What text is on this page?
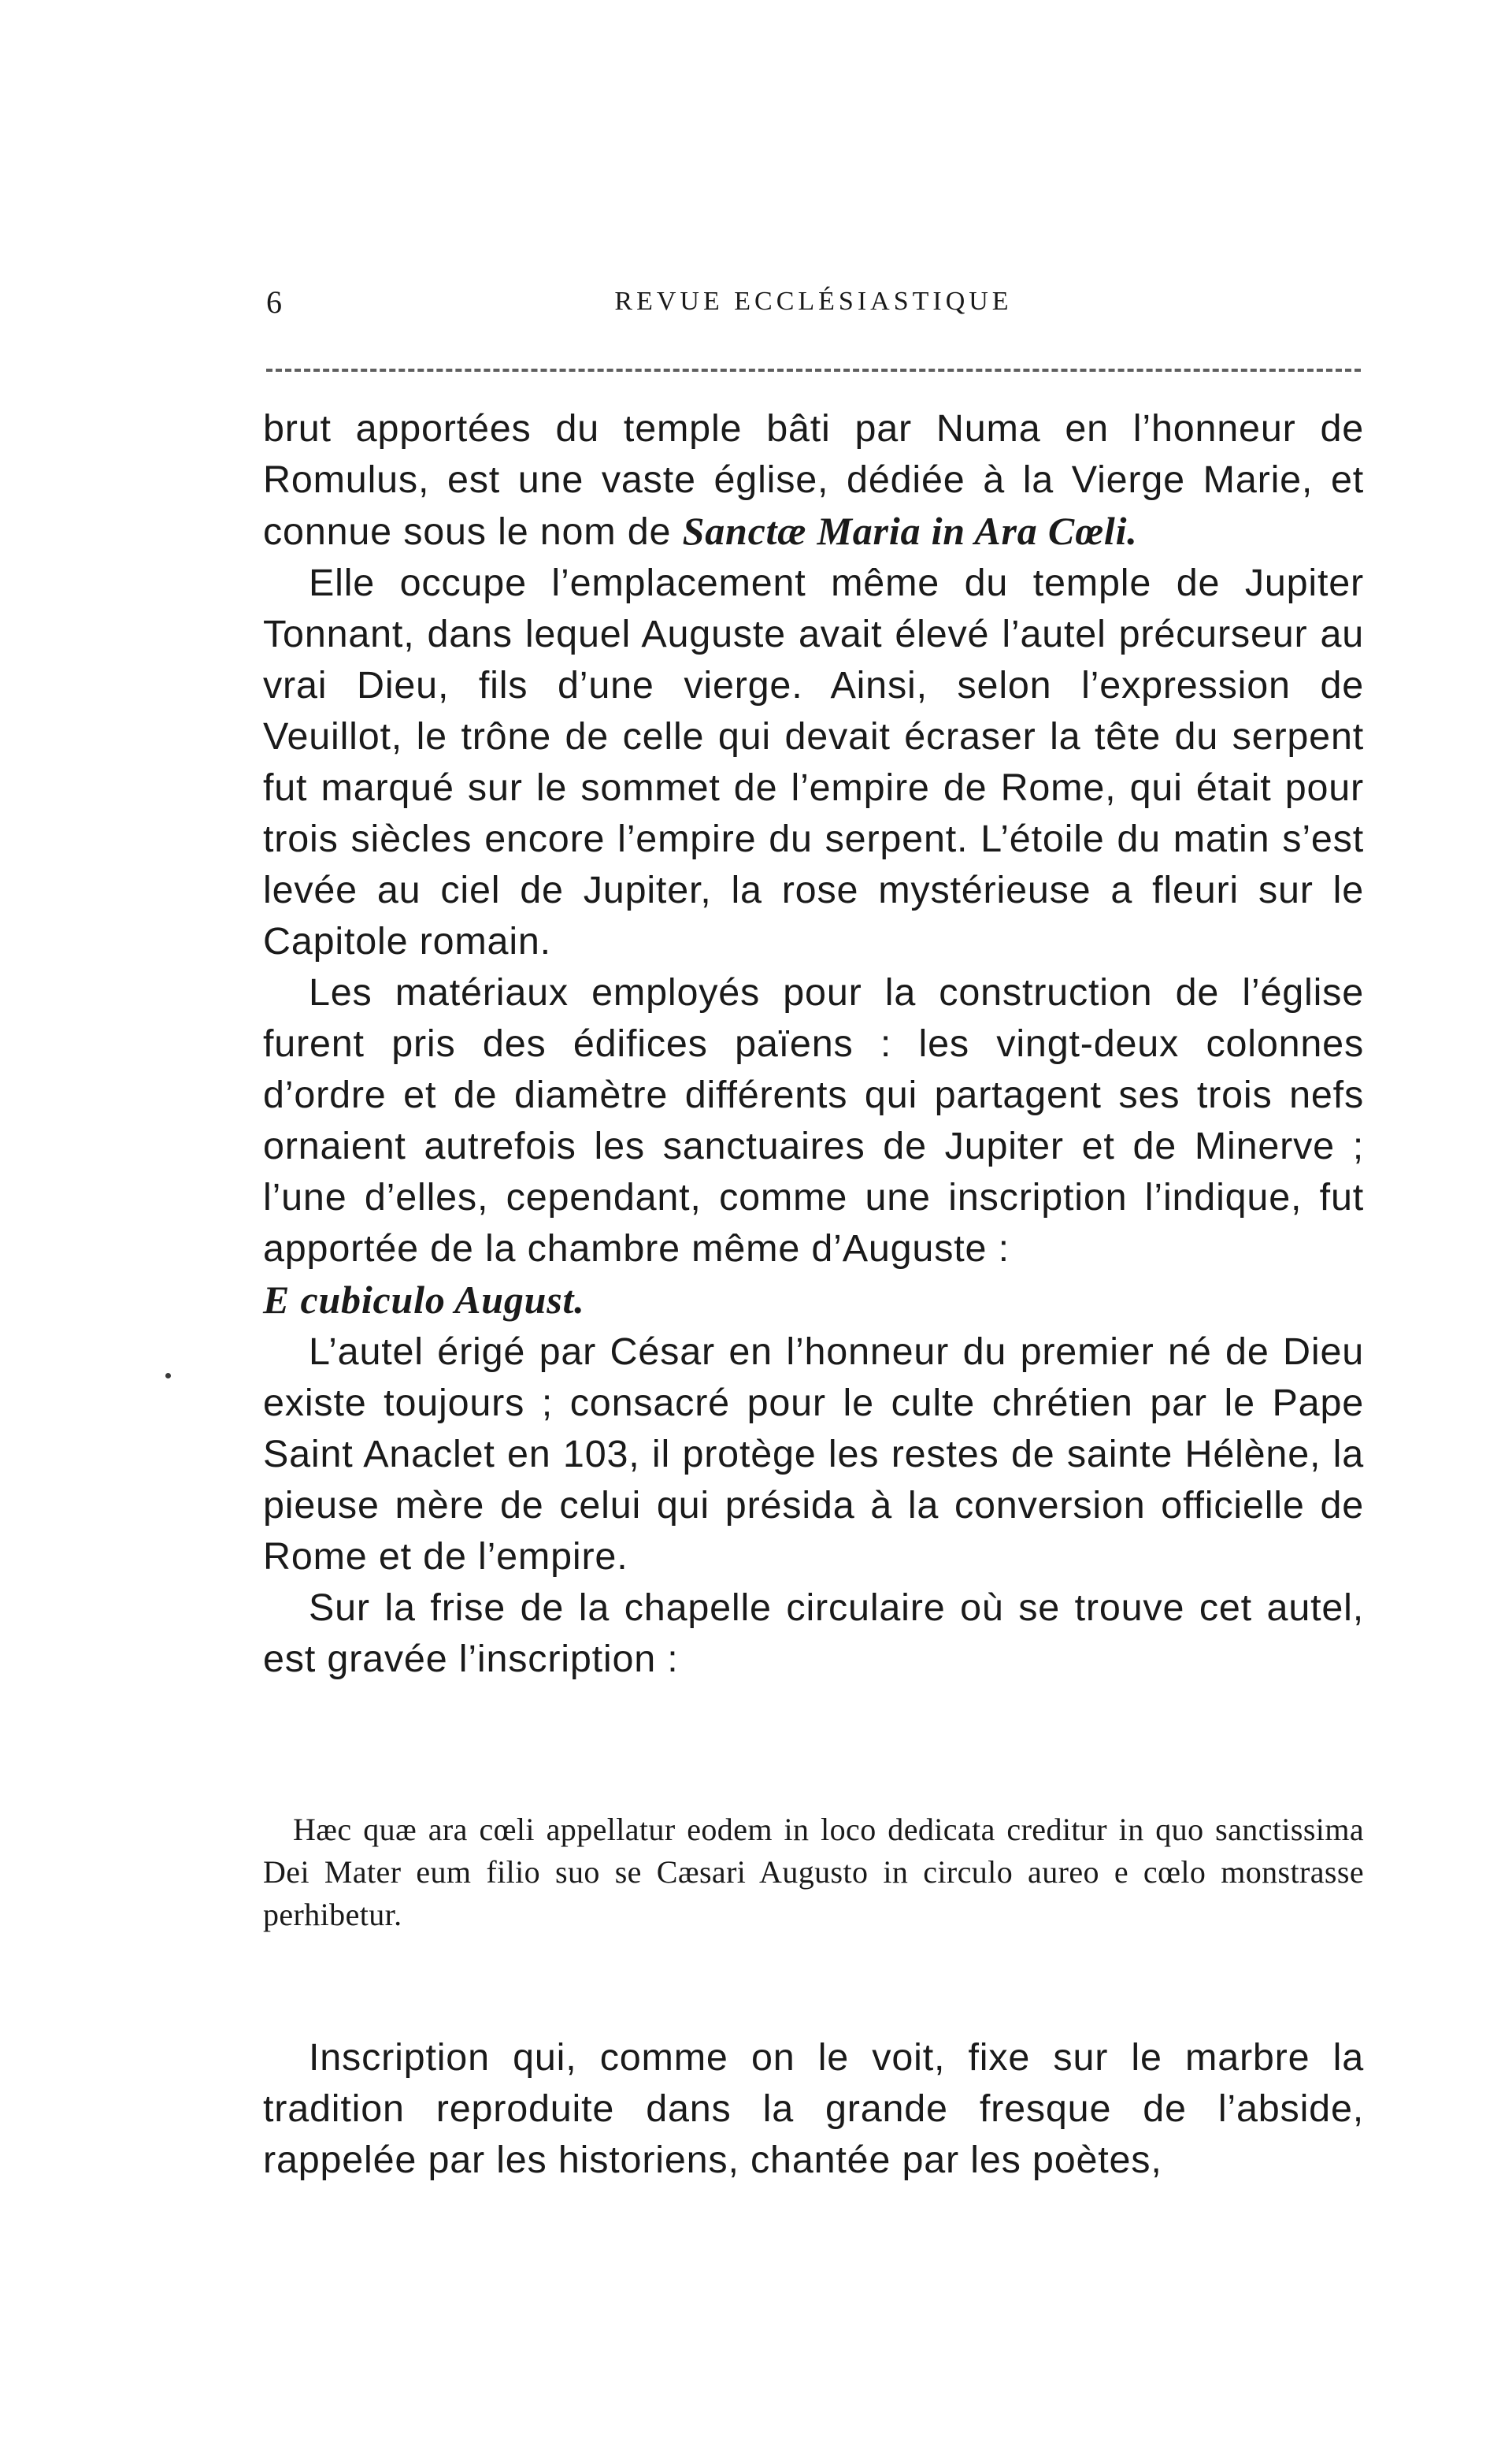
6	REVUE ECCLÉSIASTIQUE

brut apportées du temple bâti par Numa en l’honneur de Romulus, est une vaste église, dédiée à la Vierge Marie, et connue sous le nom de Sanctæ Maria in Ara Cœli.

Elle occupe l’emplacement même du temple de Jupiter Tonnant, dans lequel Auguste avait élevé l’autel précurseur au vrai Dieu, fils d’une vierge. Ainsi, selon l’expression de Veuillot, le trône de celle qui devait écraser la tête du serpent fut marqué sur le sommet de l’empire de Rome, qui était pour trois siècles encore l’empire du serpent. L’étoile du matin s’est levée au ciel de Jupiter, la rose mystérieuse a fleuri sur le Capitole romain.

Les matériaux employés pour la construction de l’église furent pris des édifices païens : les vingt-deux colonnes d’ordre et de diamètre différents qui partagent ses trois nefs ornaient autrefois les sanctuaires de Jupiter et de Minerve ; l’une d’elles, cependant, comme une inscription l’indique, fut apportée de la chambre même d’Auguste :
E cubiculo August.

L’autel érigé par César en l’honneur du premier né de Dieu existe toujours ; consacré pour le culte chrétien par le Pape Saint Anaclet en 103, il protège les restes de sainte Hélène, la pieuse mère de celui qui présida à la conversion officielle de Rome et de l’empire.

Sur la frise de la chapelle circulaire où se trouve cet autel, est gravée l’inscription :

Hæc quæ ara cœli appellatur eodem in loco dedicata creditur in quo sanctissima Dei Mater eum filio suo se Cæsari Augusto in circulo aureo e cœlo monstrasse perhibetur.

Inscription qui, comme on le voit, fixe sur le marbre la tradition reproduite dans la grande fresque de l’abside, rappelée par les historiens, chantée par les poètes,
